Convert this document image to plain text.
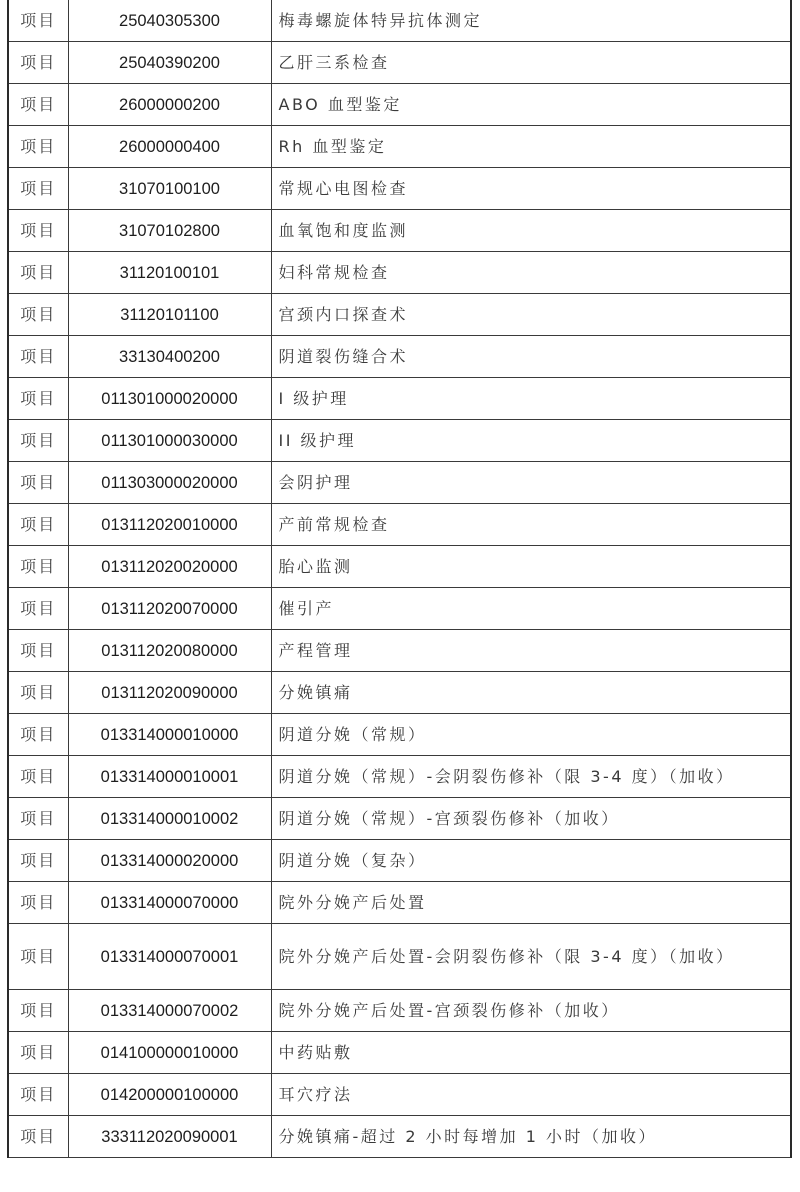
项目	25040305300	梅毒螺旋体特异抗体测定
项目	25040390200	乙肝三系检查
项目	26000000200	ABO 血型鉴定
项目	26000000400	Rh 血型鉴定
项目	31070100100	常规心电图检查
项目	31070102800	血氧饱和度监测
项目	31120100101	妇科常规检查
项目	31120101100	宫颈内口探查术
项目	33130400200	阴道裂伤缝合术
项目	011301000020000	Ⅰ 级护理
项目	011301000030000	II 级护理
项目	011303000020000	会阴护理
项目	013112020010000	产前常规检查
项目	013112020020000	胎心监测
项目	013112020070000	催引产
项目	013112020080000	产程管理
项目	013112020090000	分娩镇痛
项目	013314000010000	阴道分娩（常规）
项目	013314000010001	阴道分娩（常规）-会阴裂伤修补（限 3-4 度）（加收）
项目	013314000010002	阴道分娩（常规）-宫颈裂伤修补（加收）
项目	013314000020000	阴道分娩（复杂）
项目	013314000070000	院外分娩产后处置
项目	013314000070001	院外分娩产后处置-会阴裂伤修补（限 3-4 度）（加收）
项目	013314000070002	院外分娩产后处置-宫颈裂伤修补（加收）
项目	014100000010000	中药贴敷
项目	014200000100000	耳穴疗法
项目	333112020090001	分娩镇痛-超过 2 小时每增加 1 小时（加收）
